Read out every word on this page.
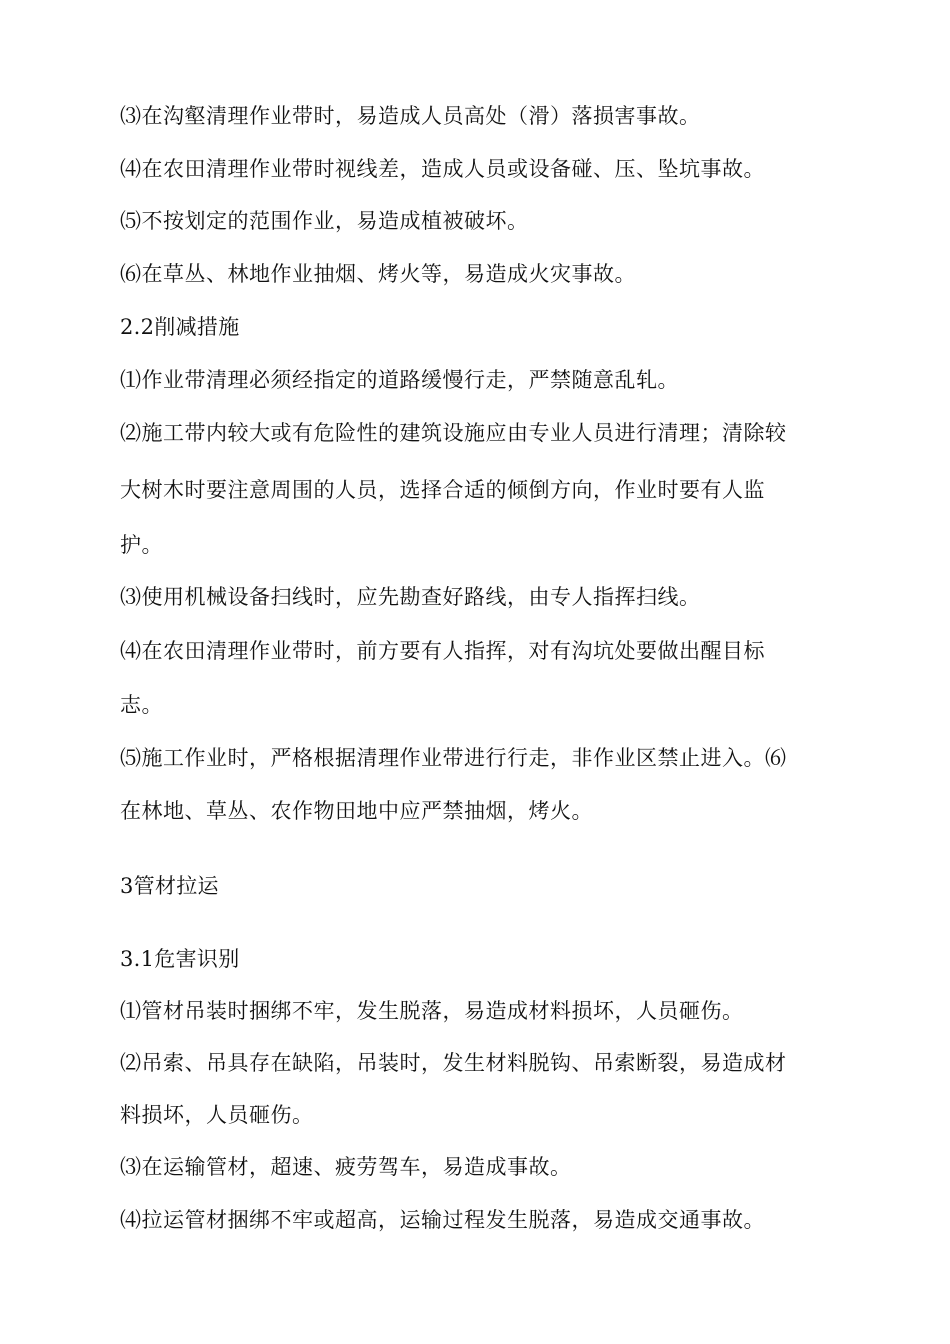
⑶在沟壑清理作业带时，易造成人员高处（滑）落损害事故。
⑷在农田清理作业带时视线差，造成人员或设备碰、压、坠坑事故。
⑸不按划定的范围作业，易造成植被破坏。
⑹在草丛、林地作业抽烟、烤火等，易造成火灾事故。
2.2削减措施
⑴作业带清理必须经指定的道路缓慢行走，严禁随意乱轧。
⑵施工带内较大或有危险性的建筑设施应由专业人员进行清理；清除较
大树木时要注意周围的人员，选择合适的倾倒方向，作业时要有人监
护。
⑶使用机械设备扫线时，应先勘查好路线，由专人指挥扫线。
⑷在农田清理作业带时，前方要有人指挥，对有沟坑处要做出醒目标
志。
⑸施工作业时，严格根据清理作业带进行行走，非作业区禁止进入。⑹
在林地、草丛、农作物田地中应严禁抽烟，烤火。
3管材拉运
3.1危害识别
⑴管材吊装时捆绑不牢，发生脱落，易造成材料损坏，人员砸伤。
⑵吊索、吊具存在缺陷，吊装时，发生材料脱钩、吊索断裂，易造成材
料损坏，人员砸伤。
⑶在运输管材，超速、疲劳驾车，易造成事故。
⑷拉运管材捆绑不牢或超高，运输过程发生脱落，易造成交通事故。
